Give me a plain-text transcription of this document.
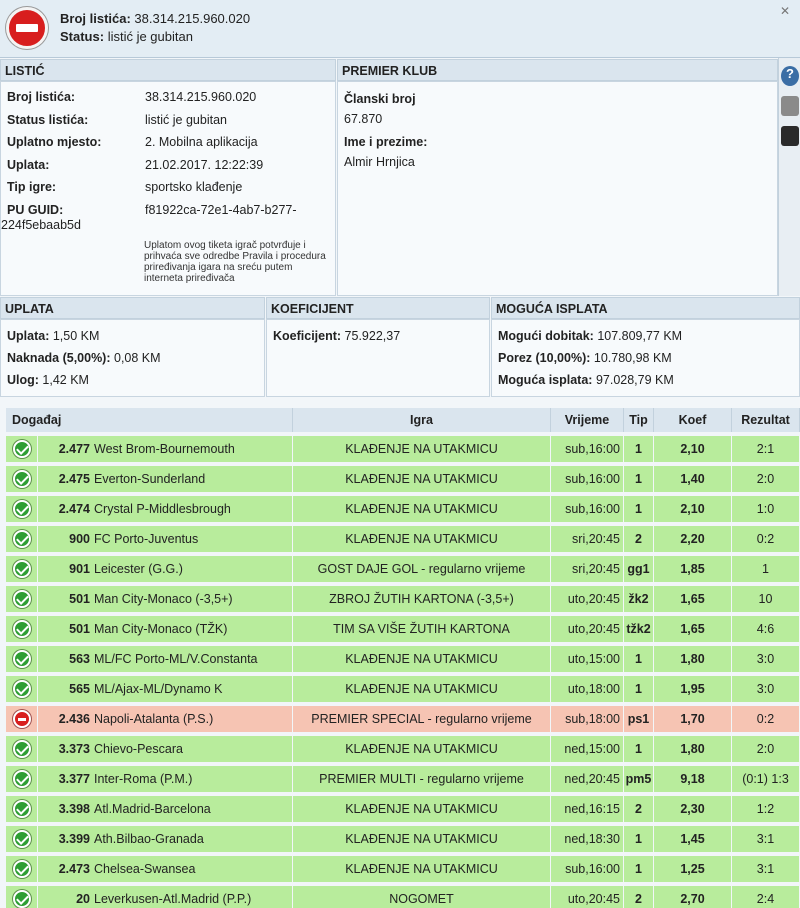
Broj listića: 38.314.215.960.020
Status: listić je gubitan
✕
LISTIĆ
Broj listića:	38.314.215.960.020
Status listića:	listić je gubitan
Uplatno mjesto:	2. Mobilna aplikacija
Uplata:	21.02.2017. 12:22:39
Tip igre:	sportsko klađenje
PU GUID:	f81922ca-72e1-4ab7-b277-
224f5ebaab5d
Uplatom ovog tiketa igrač potvrđuje i prihvaća sve odredbe Pravila i procedura priređivanja igara na sreću putem interneta priređivača
PREMIER KLUB
Članski broj
67.870
Ime i prezime:
Almir Hrnjica
?
UPLATA
Uplata: 1,50 KM
Naknada (5,00%): 0,08 KM
Ulog: 1,42 KM
KOEFICIJENT
Koeficijent: 75.922,37
MOGUĆA ISPLATA
Mogući dobitak: 107.809,77 KM
Porez (10,00%): 10.780,98 KM
Moguća isplata: 97.028,79 KM
Događaj		Igra	Vrijeme	Tip	Koef	Rezultat
	2.477 West Brom-Bournemouth	KLAĐENJE NA UTAKMICU	sub,16:00	1	2,10	2:1
	2.475 Everton-Sunderland	KLAĐENJE NA UTAKMICU	sub,16:00	1	1,40	2:0
	2.474 Crystal P-Middlesbrough	KLAĐENJE NA UTAKMICU	sub,16:00	1	2,10	1:0
	900 FC Porto-Juventus	KLAĐENJE NA UTAKMICU	sri,20:45	2	2,20	0:2
	901 Leicester (G.G.)	GOST DAJE GOL - regularno vrijeme	sri,20:45	gg1	1,85	1
	501 Man City-Monaco (-3,5+)	ZBROJ ŽUTIH KARTONA (-3,5+)	uto,20:45	žk2	1,65	10
	501 Man City-Monaco (TŽK)	TIM SA VIŠE ŽUTIH KARTONA	uto,20:45	tžk2	1,65	4:6
	563 ML/FC Porto-ML/V.Constanta	KLAĐENJE NA UTAKMICU	uto,15:00	1	1,80	3:0
	565 ML/Ajax-ML/Dynamo K	KLAĐENJE NA UTAKMICU	uto,18:00	1	1,95	3:0
	2.436 Napoli-Atalanta (P.S.)	PREMIER SPECIAL - regularno vrijeme	sub,18:00	ps1	1,70	0:2
	3.373 Chievo-Pescara	KLAĐENJE NA UTAKMICU	ned,15:00	1	1,80	2:0
	3.377 Inter-Roma (P.M.)	PREMIER MULTI - regularno vrijeme	ned,20:45	pm5	9,18	(0:1) 1:3
	3.398 Atl.Madrid-Barcelona	KLAĐENJE NA UTAKMICU	ned,16:15	2	2,30	1:2
	3.399 Ath.Bilbao-Granada	KLAĐENJE NA UTAKMICU	ned,18:30	1	1,45	3:1
	2.473 Chelsea-Swansea	KLAĐENJE NA UTAKMICU	sub,16:00	1	1,25	3:1
	20 Leverkusen-Atl.Madrid (P.P.)	NOGOMET	uto,20:45	2	2,70	2:4
